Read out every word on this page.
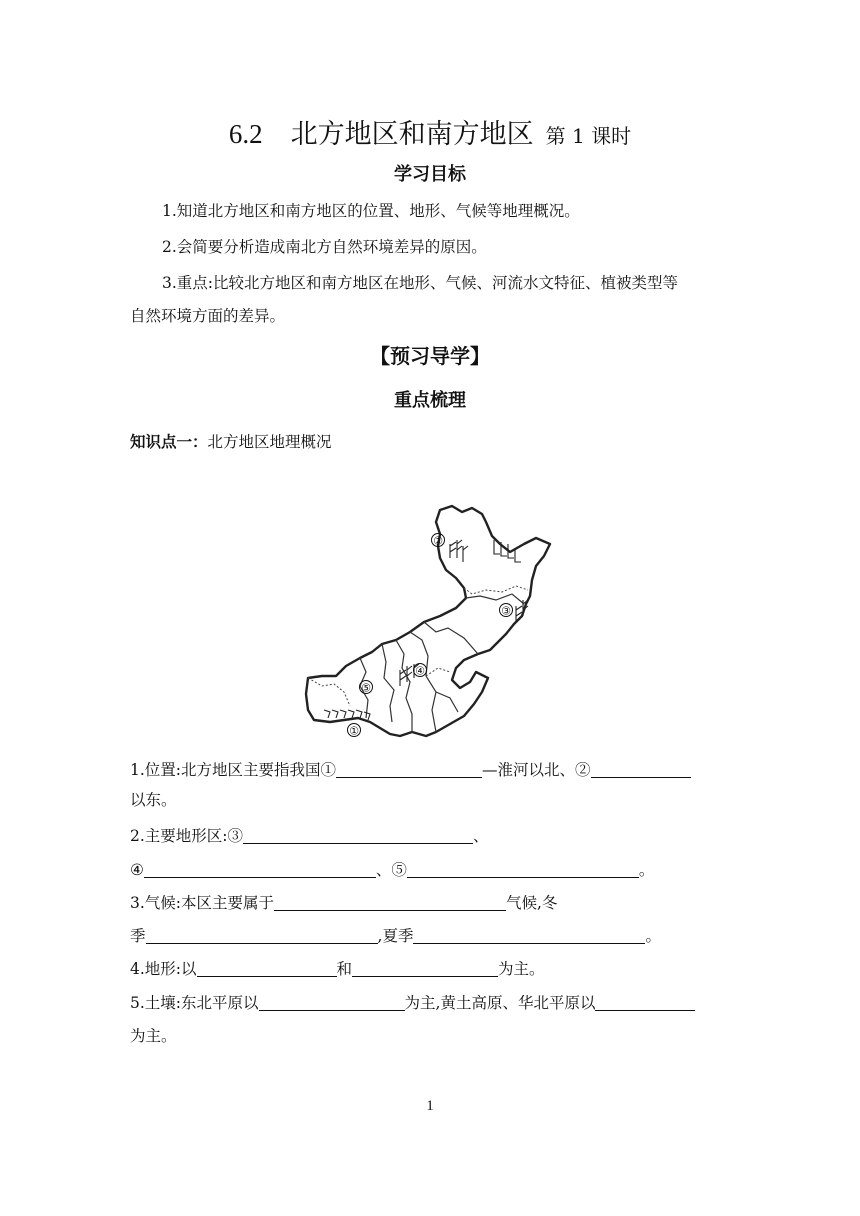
6.2 北方地区和南方地区 第 1 课时
学习目标
1.知道北方地区和南方地区的位置、地形、气候等地理概况。
2.会简要分析造成南北方自然环境差异的原因。
3.重点:比较北方地区和南方地区在地形、气候、河流水文特征、植被类型等
自然环境方面的差异。
【预习导学】
重点梳理
知识点一：北方地区地理概况
②
③
④
⑤
①
1.位置:北方地区主要指我国①	—淮河以北、②
以东。
2.主要地形区:③	、
④	、⑤	。
3.气候:本区主要属于	气候,冬
季	,夏季	。
4.地形:以	和	为主。
5.土壤:东北平原以	为主,黄土高原、华北平原以
为主。
1
